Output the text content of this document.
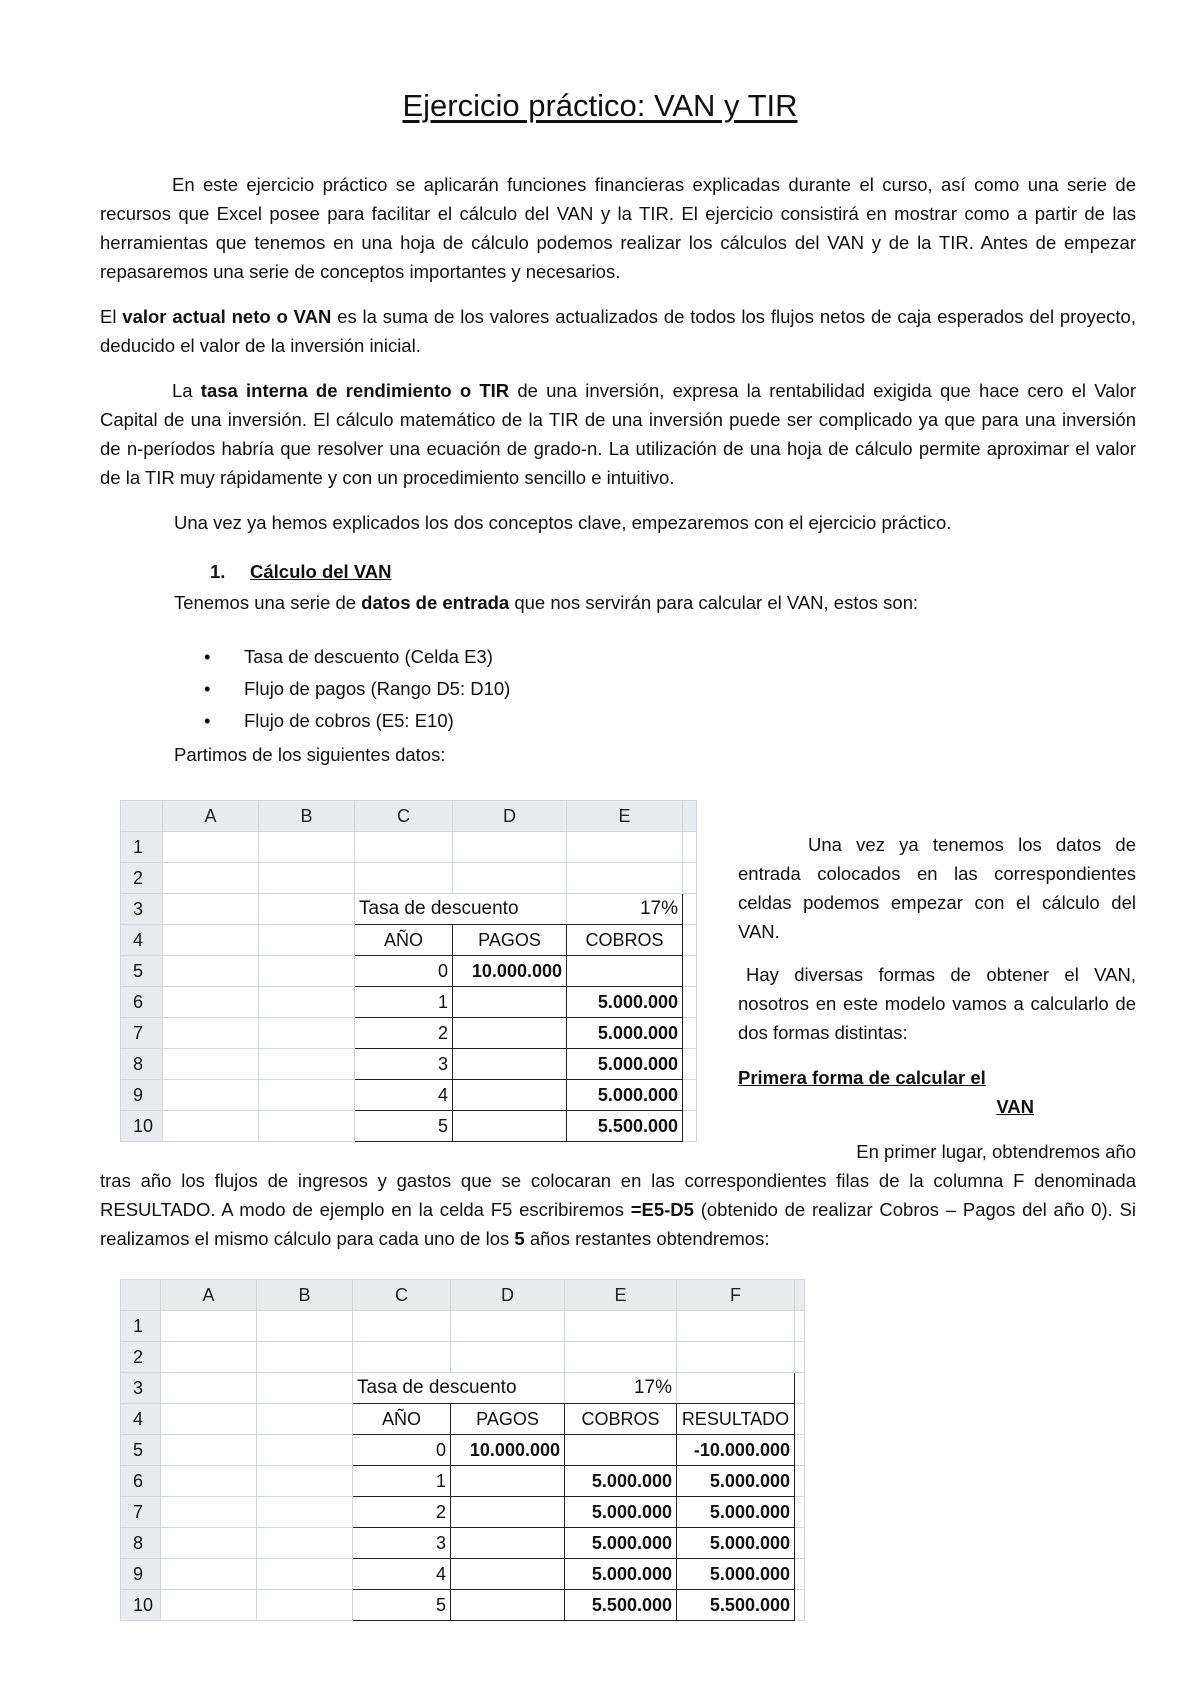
Ejercicio práctico: VAN y TIR

En este ejercicio práctico se aplicarán funciones financieras explicadas durante el curso, así como una serie de recursos que Excel posee para facilitar el cálculo del VAN y la TIR. El ejercicio consistirá en mostrar como a partir de las herramientas que tenemos en una hoja de cálculo podemos realizar los cálculos del VAN y de la TIR. Antes de empezar repasaremos una serie de conceptos importantes y necesarios.

El valor actual neto o VAN es la suma de los valores actualizados de todos los flujos netos de caja esperados del proyecto, deducido el valor de la inversión inicial.

La tasa interna de rendimiento o TIR de una inversión, expresa la rentabilidad exigida que hace cero el Valor Capital de una inversión. El cálculo matemático de la TIR de una inversión puede ser complicado ya que para una inversión de n-períodos habría que resolver una ecuación de grado-n. La utilización de una hoja de cálculo permite aproximar el valor de la TIR muy rápidamente y con un procedimiento sencillo e intuitivo.

Una vez ya hemos explicados los dos conceptos clave, empezaremos con el ejercicio práctico.

1. Cálculo del VAN

Tenemos una serie de datos de entrada que nos servirán para calcular el VAN, estos son:

• Tasa de descuento (Celda E3)
• Flujo de pagos (Rango D5: D10)
• Flujo de cobros (E5: E10)

Partimos de los siguientes datos:

	A	B	C	D	E	
1						
2						
3			Tasa de descuento		17%	
4			AÑO	PAGOS	COBROS	
5			0	10.000.000		
6			1		5.000.000	
7			2		5.000.000	
8			3		5.000.000	
9			4		5.000.000	
10			5		5.500.000	

Una vez ya tenemos los datos de entrada colocados en las correspondientes celdas podemos empezar con el cálculo del VAN.

Hay diversas formas de obtener el VAN, nosotros en este modelo vamos a calcularlo de dos formas distintas:

Primera forma de calcular el
VAN

En primer lugar, obtendremos año

tras año los flujos de ingresos y gastos que se colocaran en las correspondientes filas de la columna F denominada RESULTADO. A modo de ejemplo en la celda F5 escribiremos =E5-D5 (obtenido de realizar Cobros – Pagos del año 0). Si realizamos el mismo cálculo para cada uno de los 5 años restantes obtendremos:

	A	B	C	D	E	F	
1							
2							
3			Tasa de descuento		17%		
4			AÑO	PAGOS	COBROS	RESULTADO	
5			0	10.000.000		-10.000.000	
6			1		5.000.000	5.000.000	
7			2		5.000.000	5.000.000	
8			3		5.000.000	5.000.000	
9			4		5.000.000	5.000.000	
10			5		5.500.000	5.500.000	
